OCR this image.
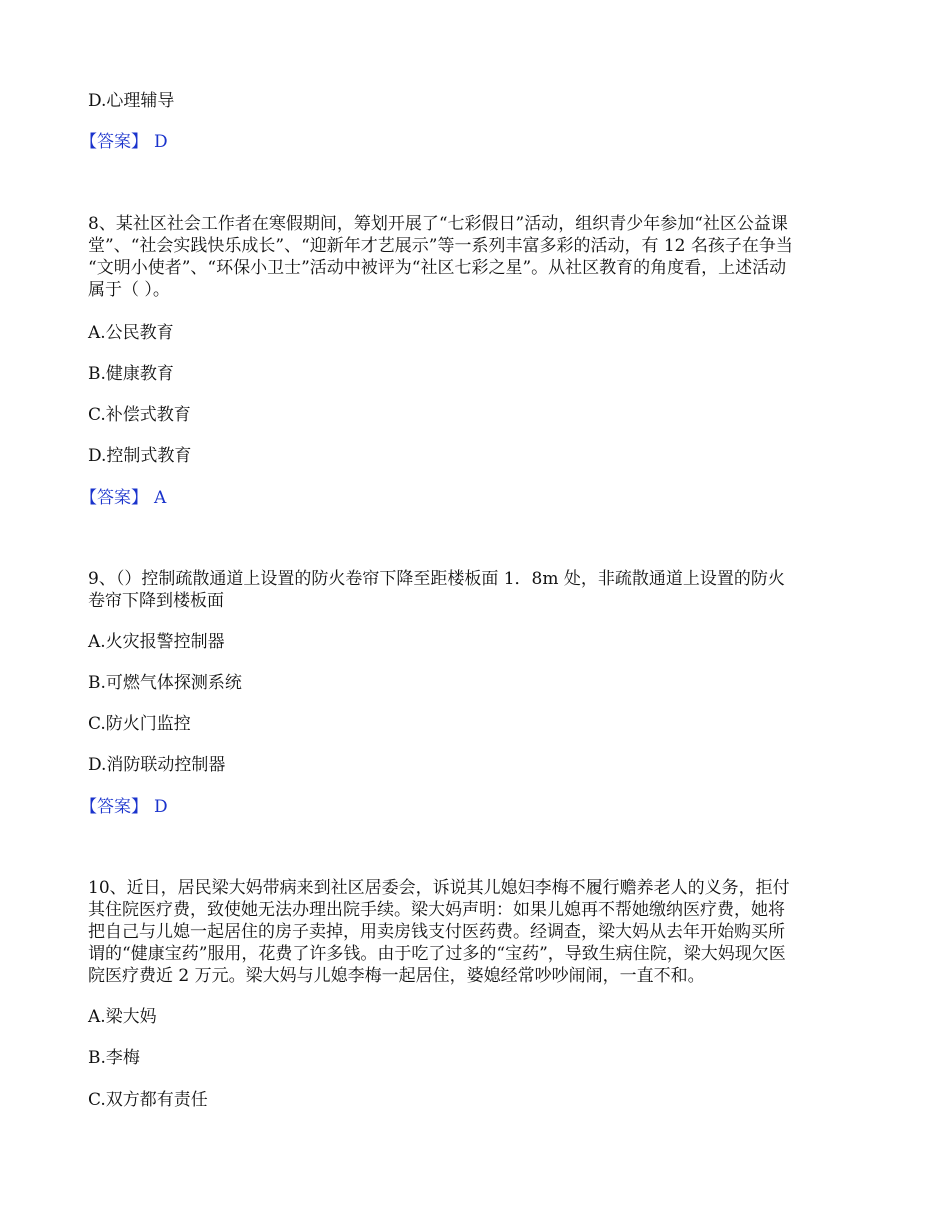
D.心理辅导
【答案】 D
8、某社区社会工作者在寒假期间，筹划开展了“七彩假日”活动，组织青少年参加“社区公益课
堂”、“社会实践快乐成长”、“迎新年才艺展示”等一系列丰富多彩的活动，有 12 名孩子在争当
“文明小使者”、“环保小卫士”活动中被评为“社区七彩之星”。从社区教育的角度看，上述活动
属于（ ）。
A.公民教育
B.健康教育
C.补偿式教育
D.控制式教育
【答案】 A
9、（）控制疏散通道上设置的防火卷帘下降至距楼板面 1．8m 处，非疏散通道上设置的防火
卷帘下降到楼板面
A.火灾报警控制器
B.可燃气体探测系统
C.防火门监控
D.消防联动控制器
【答案】 D
10、近日，居民梁大妈带病来到社区居委会，诉说其儿媳妇李梅不履行赡养老人的义务，拒付
其住院医疗费，致使她无法办理出院手续。梁大妈声明：如果儿媳再不帮她缴纳医疗费，她将
把自己与儿媳一起居住的房子卖掉，用卖房钱支付医药费。经调查，梁大妈从去年开始购买所
谓的“健康宝药”服用，花费了许多钱。由于吃了过多的“宝药”，导致生病住院，梁大妈现欠医
院医疗费近 2 万元。梁大妈与儿媳李梅一起居住，婆媳经常吵吵闹闹，一直不和。
A.梁大妈
B.李梅
C.双方都有责任
